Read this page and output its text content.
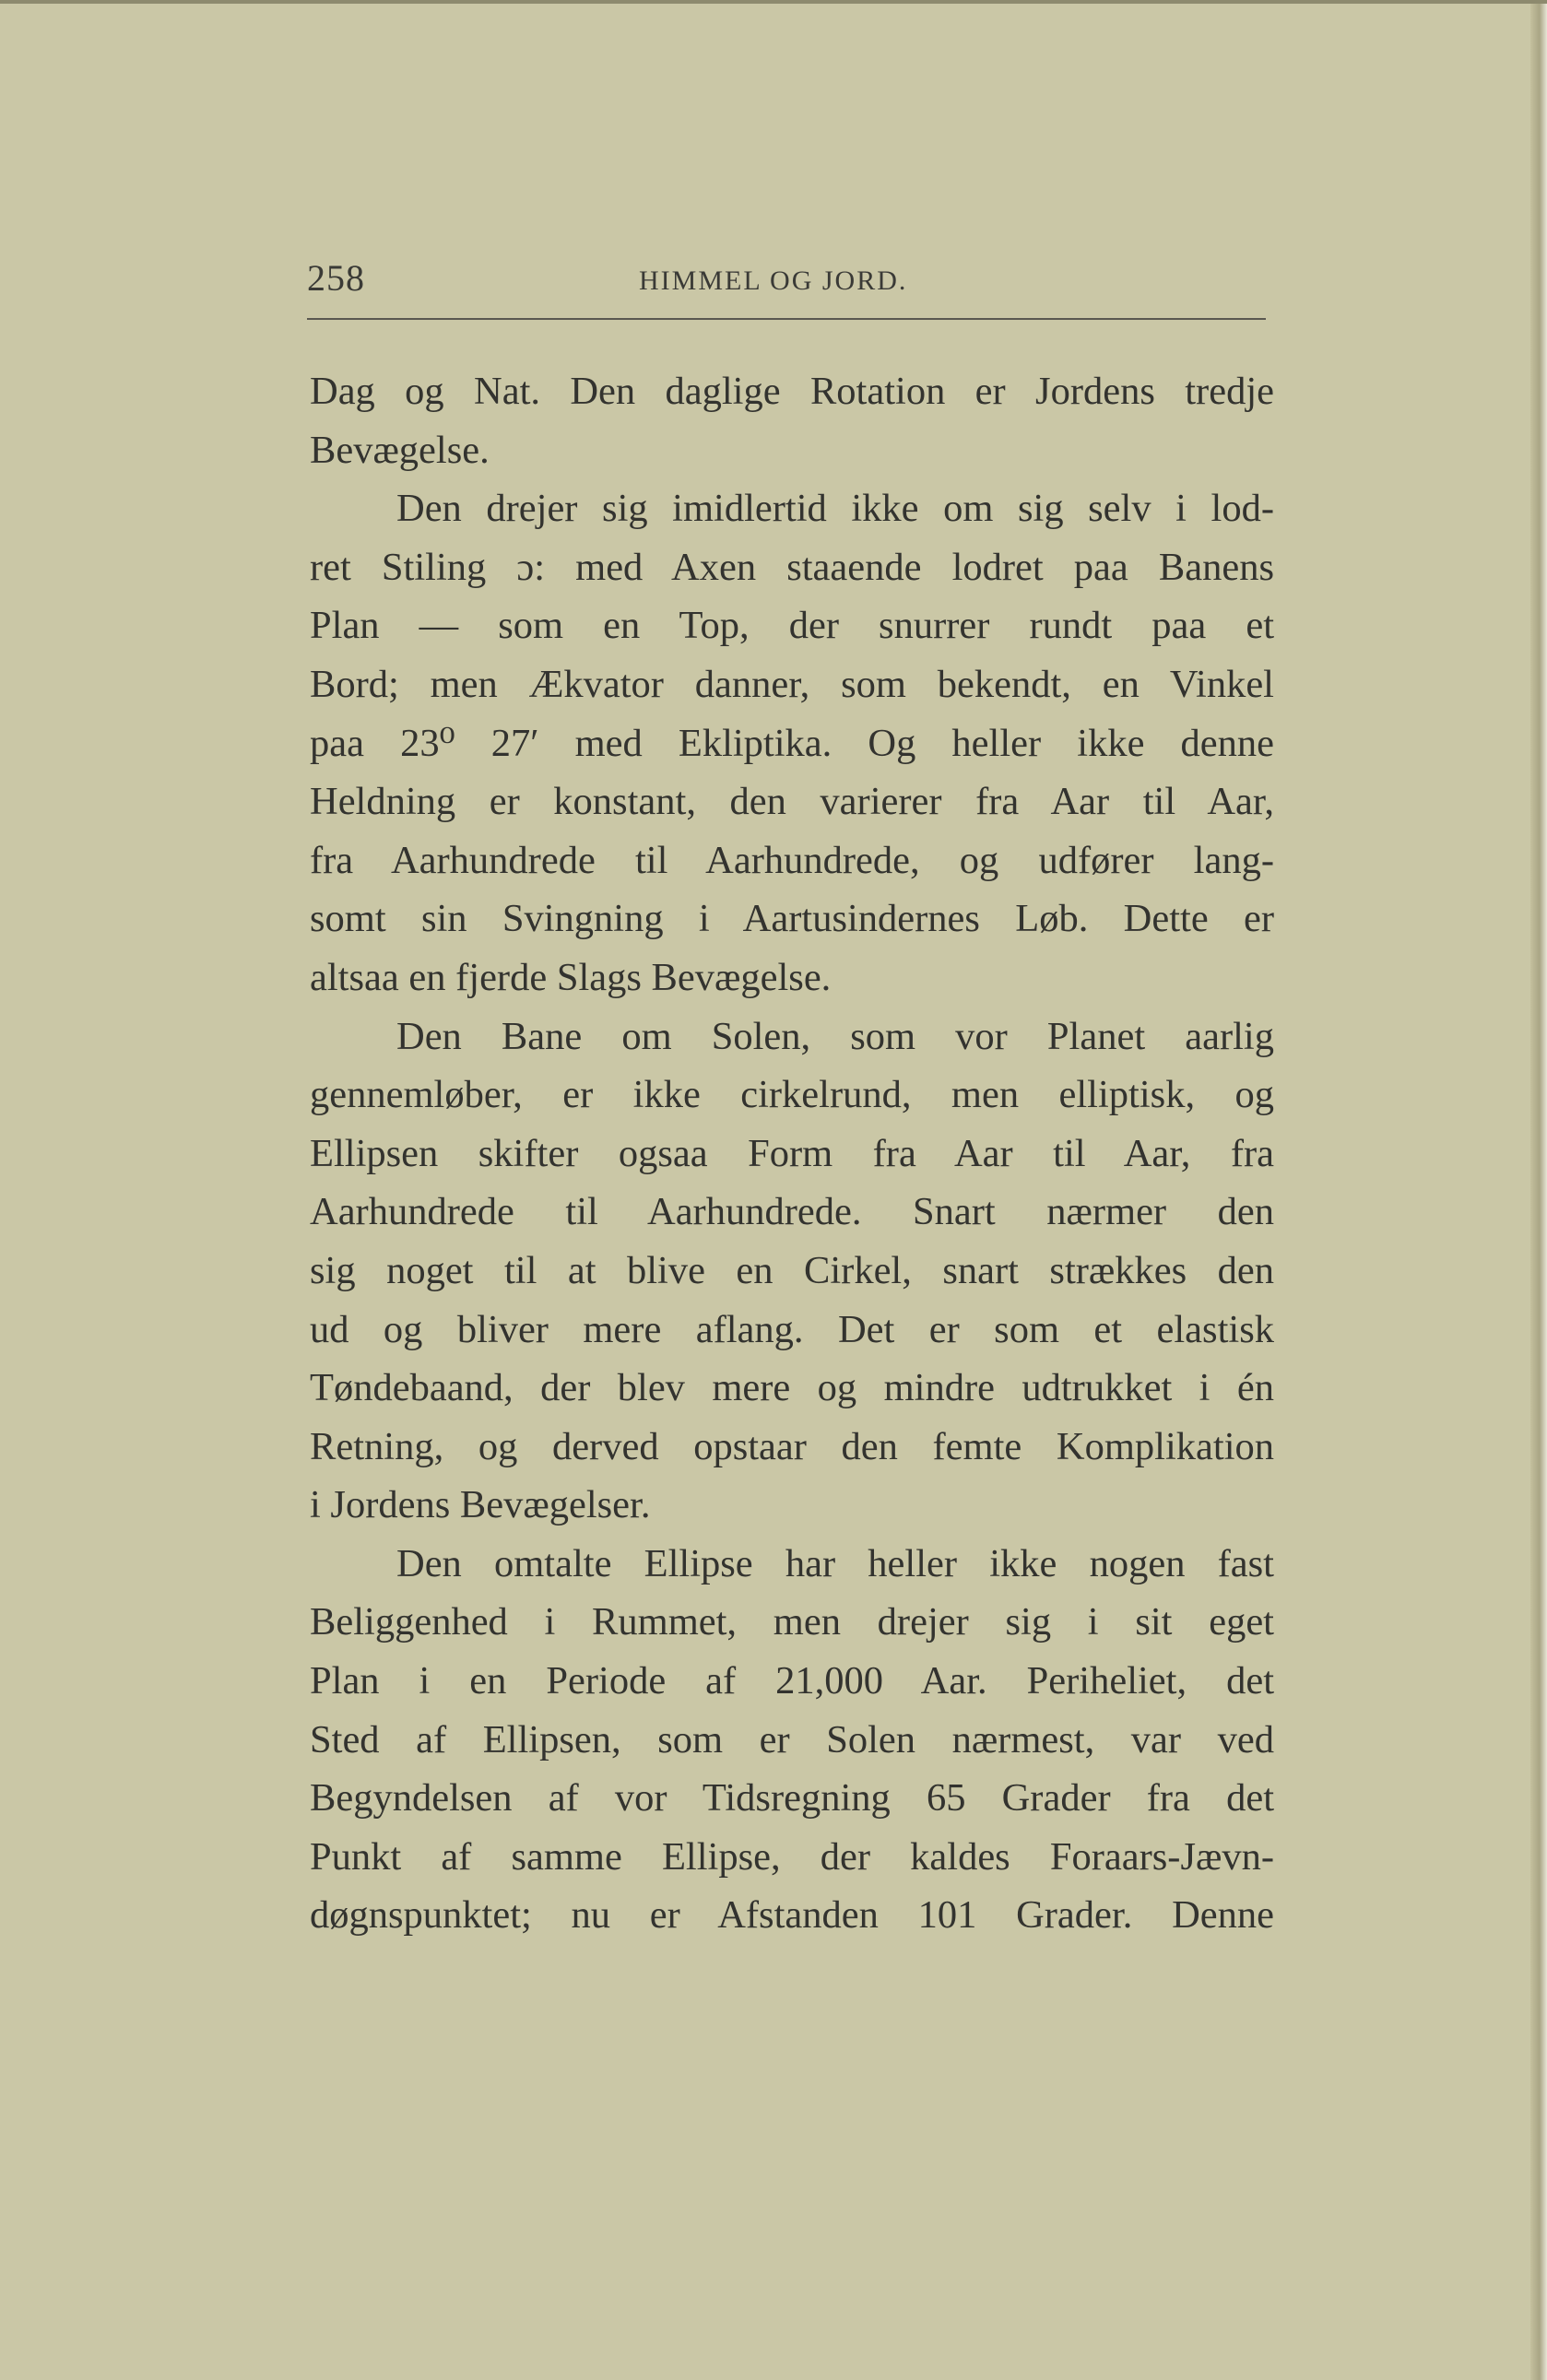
258	HIMMEL OG JORD.
Dag og Nat. Den daglige Rotation er Jordens tredje
Bevægelse.
Den drejer sig imidlertid ikke om sig selv i lod-
ret Stiling ɔ: med Axen staaende lodret paa Banens
Plan — som en Top, der snurrer rundt paa et
Bord; men Ækvator danner, som bekendt, en Vinkel
paa 23⁰ 27′ med Ekliptika. Og heller ikke denne
Heldning er konstant, den varierer fra Aar til Aar,
fra Aarhundrede til Aarhundrede, og udfører lang-
somt sin Svingning i Aartusindernes Løb. Dette er
altsaa en fjerde Slags Bevægelse.
Den Bane om Solen, som vor Planet aarlig
gennemløber, er ikke cirkelrund, men elliptisk, og
Ellipsen skifter ogsaa Form fra Aar til Aar, fra
Aarhundrede til Aarhundrede. Snart nærmer den
sig noget til at blive en Cirkel, snart strækkes den
ud og bliver mere aflang. Det er som et elastisk
Tøndebaand, der blev mere og mindre udtrukket i én
Retning, og derved opstaar den femte Komplikation
i Jordens Bevægelser.
Den omtalte Ellipse har heller ikke nogen fast
Beliggenhed i Rummet, men drejer sig i sit eget
Plan i en Periode af 21,000 Aar. Periheliet, det
Sted af Ellipsen, som er Solen nærmest, var ved
Begyndelsen af vor Tidsregning 65 Grader fra det
Punkt af samme Ellipse, der kaldes Foraars-Jævn-
døgnspunktet; nu er Afstanden 101 Grader. Denne
